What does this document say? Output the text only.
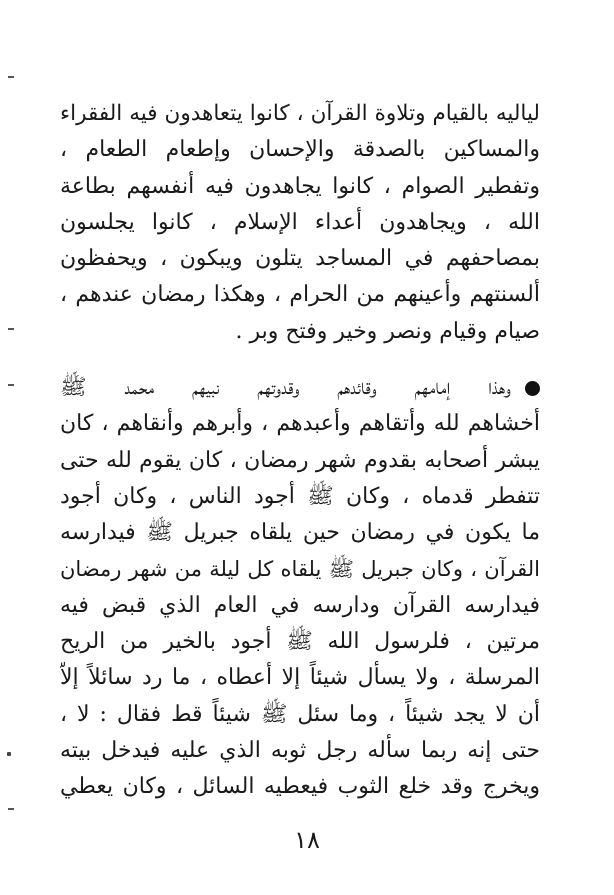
لياليه بالقيام وتلاوة القرآن ، كانوا يتعاهدون فيه الفقراء
والمساكين بالصدقة والإحسان وإطعام الطعام ،
وتفطير الصوام ، كانوا يجاهدون فيه أنفسهم بطاعة
الله ، ويجاهدون أعداء الإسلام ، كانوا يجلسون
بمصاحفهم في المساجد يتلون ويبكون ، ويحفظون
ألسنتهم وأعينهم من الحرام ، وهكذا رمضان عندهم ،
صيام وقيام ونصر وخير وفتح وبر .
وهذا إمامهم وقائدهم وقدوتهم نبيهم محمد ﷺ
أخشاهم لله وأتقاهم وأعبدهم ، وأبرهم وأنقاهم ، كان
يبشر أصحابه بقدوم شهر رمضان ، كان يقوم لله حتى
تتفطر قدماه ، وكان ﷺ أجود الناس ، وكان أجود
ما يكون في رمضان حين يلقاه جبريل ﷺ فيدارسه
القرآن ، وكان جبريل ﷺ يلقاه كل ليلة من شهر رمضان
فيدارسه القرآن ودارسه في العام الذي قبض فيه
مرتين ، فلرسول الله ﷺ أجود بالخير من الريح
المرسلة ، ولا يسأل شيئاً إلا أعطاه ، ما رد سائلاً إلاّ
أن لا يجد شيئاً ، وما سئل ﷺ شيئاً قط فقال : لا ،
حتى إنه ربما سأله رجل ثوبه الذي عليه فيدخل بيته
ويخرج وقد خلع الثوب فيعطيه السائل ، وكان يعطي
١٨
